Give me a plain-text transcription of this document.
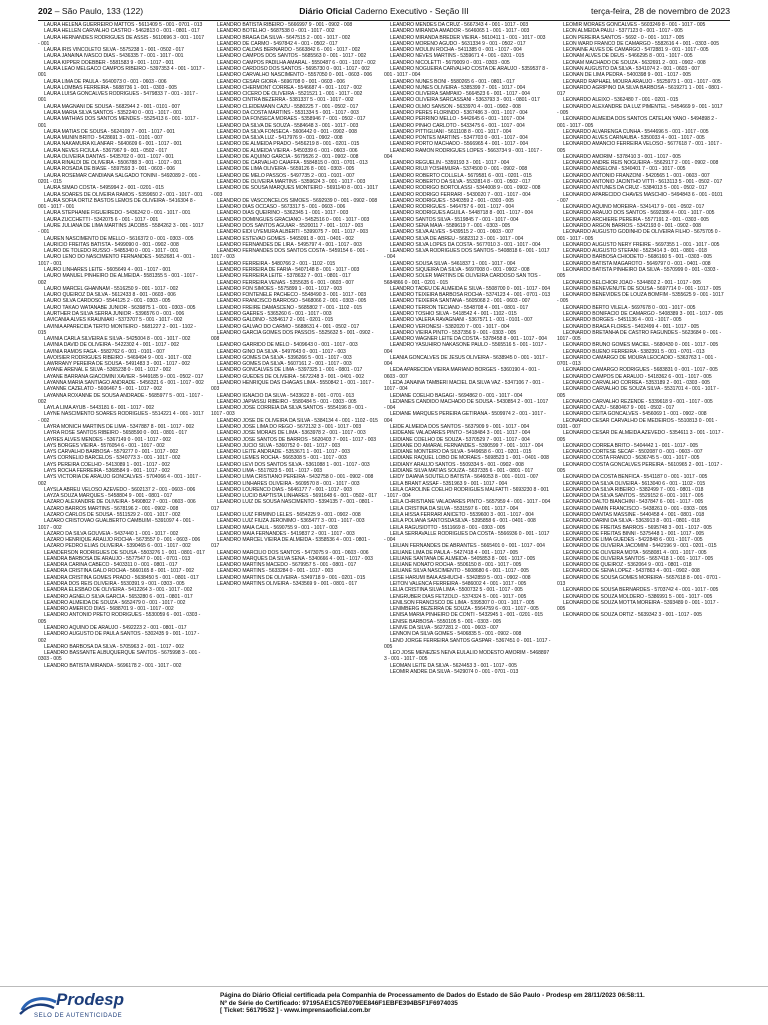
202 – São Paulo, 133 (122)	Diário Oficial Caderno Executivo - Seção III	terça-feira, 28 de novembro de 2023

LAURA HELENA GUERREIRO MATTOS - 5611409 5 - 001 - 0701 - 013

LAURA HELLEN CARVALHO CASTRO - 5462813 0 - 001 - 0801 - 017

LAURA HERNANDES RODRIGUES DE ASSIS - 5610696 3 - 001 - 1017 - 001

LAURA IRIS VINCOLETO SILVA - 5575238 1 - 001 - 0502 - 017

LAURA JANAINA IVASCO DIAS - 5436335 7 - 001 - 1017 - 001

LAURA KIPPER DOEBBER - 5581583 9 - 001 - 1017 - 001

LAURA LEAO MELGACO CAMPOS RIBEIRO - 5397353 4 - 001 - 1017 - 001

LAURA LIMA DE PAULA - 5640073 0 - 001 - 0603 - 006

LAURA LOMBAS FERREIRA - 5688736 1 - 001 - 0303 - 005

LAURA LUISA GONCALVES RODRIGUES - 5479833 7 - 001 - 1017 - 001

LAURA MAGNANI DE SOUSA - 5682944 2 - 001 - 0101 - 007

LAURA MARIA SILVA SANTOS - 5352240 0 - 001 - 1017 - 001

LAURA MATHIAS DOS SANTOS MENDES - 5525413 6 - 001 - 1017 - 001

LAURA MATIAS DE SOUSA - 5624109 7 - 001 - 1017 - 001

LAURA MUNIN BRITO - 5428691 3 - 001 - 0101 - 007

LAURA NAKAMURA KLANFAR - 5640609 6 - 001 - 1017 - 001

LAURA NEVES FICIULA - 5367967 9 - 001 - 0502 - 017

LAURA OLIVEIRA DANTAS - 5435702 0 - 001 - 1017 - 001

LAURA RINALDI DE OLIVEIRA - 5506788 3 - 001 - 1017 - 001

LAURA ROSADA DE BIASE - 5597593 3 - 001 - 0603 - 006

LAURA ROSEMAR CANDIANA SALGADO TONINI - 5492089 2 - 001 - 0201 - 015

LAURA SIMAO COSTA - 5495994 2 - 001 - 0201 - 015

LAURA SOARES DE OLIVEIRA RAMOS - 5359650 2 - 001 - 1017 - 001

LAURA SOFIA ORTIZ BASTOS LEMOS DE OLIVEIRA - 5416304 8 - 001 - 1017 - 001

LAURA STEPHANIE FIGUEIREDO - 5436242 0 - 001 - 1017 - 001

LAURA ZUCCHETTI - 5342075 6 - 001 - 1017 - 001

LAURE JULIANA DE LIMA MARTINS JACOBS - 5584262 3 - 001 - 1017 - 001

LAUREN NASCIMENTO DE MELLO - 5616372 0 - 001 - 0303 - 005

LAURICIO FREITAS BATISTA - 5499090 0 - 001 - 0902 - 008

LAURO DE TOLEDO RUSSO - 5485340 0 - 001 - 1017 - 001

LAURO LENO DO NASCIMENTO FERNANDES - 5652681 4 - 001 - 1017 - 001

LAURO LINHARES LEITE - 5605649 4 - 001 - 1017 - 001

LAURO MANUEL PINHEIRO DE ALMEIDA - 5581355 5 - 001 - 1017 - 002

LAURO MARCEL GHANNAM - 5516250 9 - 001 - 1017 - 002

LAURO QUEIROZ DA SILVA - 5612433 8 - 001 - 0603 - 006

LAURO SILVA CARDOSO - 5544125 2 - 001 - 0303 - 005

LAURO TAKAO WATANABE JUNIOR - 5639875 1 - 001 - 0303 - 005

LAURTHER DA SILVA SERRA JUNIOR - 5396576 0 - 001 - 006

LAVICANIA ALVES KRAUNIAKI - 5373707 5 - 001 - 1017 - 002

LAVINIA APARECIDA TERTO MONTEIRO - 5681227 2 - 001 - 1102 - 015

LAVINIA CARLA SILVEIRA E SILVA - 5425004 8 - 001 - 1017 - 002

LAVINIA DAVID DE OLIVEIRA - 5422302 4 - 001 - 1017 - 002

LAVINIA RAMOS FAGA - 5582762 6 - 001 - 0101 - 007

LAVOISIER RODRIGUES RIBEIRO - 5469494 9 - 001 - 1017 - 002

LAWRRANY PEREIRA DE SOUSA - 5491483 3 - 001 - 1017 - 002

LAYANE ARENAL E SILVA - 5365238 0 - 001 - 1017 - 002

LAYANE BARRANA GIACOMINI XAVIER - 5449185 9 - 001 - 0502 - 017

LAYANNA MARIA SANTIAGO ANDRADE - 5456321 6 - 001 - 1017 - 002

LAYANNE CAZELATO - 5606467 5 - 001 - 1017 - 002

LAYANNA ROXANNE DE SOUSA ANDRADE - 5685977 5 - 001 - 1017 - 002

LAYLA LIMA AYUB - 5443181 6 - 001 - 1017 - 002

LAYNE NASCIMENTO SOARES RODRIGUES - 5514221 4 - 001 - 1017 - 002

LAYRA MONICH MARTINS DE LIMA - 5347887 8 - 001 - 1017 - 002

LAYRA ROSE SANTOS RIBEIRO - 5658590 0 - 001 - 0801 - 017

LAYRES ALVES MENDES - 5367149 0 - 001 - 1017 - 002

LAYS BORGES VIEIRA - 5576054 6 - 001 - 1017 - 002

LAYS CARVALHO BARBOSA - 5579277 0 - 001 - 1017 - 002

LAYS CORNELIO BARCELOS - 5340773 3 - 001 - 1017 - 002

LAYS PEREIRA COELHO - 5413089 1 - 001 - 1017 - 002

LAYS ROCHA FERREIRA - 5368584 9 - 001 - 1017 - 002

LAYS VICTORIA DE ARAUJO GONCALVES - 5704066 4 - 001 - 1017 - 002

LAYSLA ABREU VELOSO AZEVEDO - 5602137 2 - 001 - 0603 - 006

LAYZA SOUZA MARQUES - 5458804 9 - 001 - 0801 - 017

LAZARO ALEXANDRE DE OLIVEIRA - 5490802 7 - 001 - 0603 - 006

LAZARO BARROS MARTINS - 5678196 2 - 001 - 0902 - 008

LAZARO CARLOS DE SOUSA - 5511529 2 - 001 - 1017 - 002

LAZARO CRISTOVAO GUALBERTO CAMBUIM - 5391097 4 - 001 - 1017 - 002

LAZARO DA SILVA GOUVEIA - 5437440 1 - 001 - 1017 - 002

LAZARO HENRIQUE ARAUJO ROCHA - 5673557 0 - 001 - 0603 - 006

LAZARO PEDRO ELIAS OLIVEIRA - 5390465 6 - 001 - 1017 - 002

LEANDERSON RODRIGUES DE SOUSA - 5503276 1 - 001 - 0801 - 017

LEANDRA BARBOSA DE ARAUJO - 5577547 0 - 001 - 0701 - 013

LEANDRA CARINA CABECO - 5403311 0 - 001 - 0801 - 017

LEANDRA CRISTINA GALO ROCHA - 5660165 8 - 001 - 1017 - 002

LEANDRA CRISTINA GOMES PRADO - 5638450 5 - 001 - 0801 - 017

LEANDRA DOS REIS OLIVEIRA - 5530391 9 - 001 - 0303 - 005

LEANDRA ELESBAO DE OLIVEIRA - 5412264 3 - 001 - 1017 - 002

LEANDRO AGNELO SILVA GARCIA - 5653280 6 - 001 - 0801 - 017

LEANDRO ALMEIDA DE SOUZA - 5652479 0 - 001 - 1017 - 002

LEANDRO AMERICO DIAS - 5688701 9 - 001 - 1017 - 002

LEANDRO ANTONIO PRETO RODRIGUES - 5530059 6 - 001 - 0303 - 005

LEANDRO AQUINO DE ARAUJO - 5492223 2 - 001 - 0801 - 017

LEANDRO AUGUSTO DE PAULA SANTOS - 5302435 9 - 001 - 1017 - 002

LEANDRO BARBOSA DA SILVA - 5705963 2 - 001 - 1017 - 002

LEANDRO BASSANTE ALBUQUERQUE SANTOS - 5675998 3 - 001 - 0303 - 005

LEANDRO BATISTA MIRANDA - 5696178 2 - 001 - 1017 - 002

LEANDRO BATISTA RIBEIRO - 5666997 9 - 001 - 0902 - 008

LEANDRO BOTELHO - 5687538 0 - 001 - 1017 - 002

LEANDRO BRAGA DA SILVA - 5647515 2 - 001 - 1017 - 002

LEANDRO DE CARMO - 5497842 4 - 001 - 0502 - 017

LEANDRO CALDAS BERNARDO - 5663842 6 - 001 - 1017 - 002

LEANDRO CAMPOS DOS SANTOS - 5685563 0 - 001 - 1017 - 002

LEANDRO CAMPOS PADILHA AMARAL - 5550487 6 - 001 - 1017 - 002

LEANDRO CARDOSO DOS SANTOS - 5695730 0 - 001 - 1017 - 002

LEANDRO CARVALHO NASCIMENTO - 5557050 0 - 001 - 0603 - 006

LEANDRO CESAR GIORA - 5696708 0 - 001 - 0603 - 006

LEANDRO CHERMONT CORREA - 5546687 4 - 001 - 1017 - 002

LEANDRO CICERO DE OLIVEIRA - 5521521 1 - 001 - 1017 - 002

LEANDRO CINTRA BEZERRA - 5381337 5 - 001 - 1017 - 002

LEANDRO CLEIDEMANN CAZU - 5580225 7 - 001 - 0502 - 017

LEANDRO DA COSTA MARTINS - 5531334 5 - 001 - 1017 - 003

LEANDRO DA FONSECA MORAES - 5358946 7 - 001 - 0502 - 017

LEANDRO DA SILVA DE SOUZA - 5584648 3 - 001 - 1017 - 003

LEANDRO DA SILVA FONSECA - 5606442 0 - 001 - 0902 - 008

LEANDRO DA SILVA LUZ - 5417976 9 - 001 - 0902 - 008

LEANDRO DE ALMEIDA PRADO - 5456219 8 - 001 - 0201 - 015

LEANDRO DE ALMEIDA VIEIRA - 5450339 6 - 001 - 0603 - 006

LEANDRO DE AQUINO GARCIA - 5679526 2 - 001 - 0902 - 008

LEANDRO DE CARVALHO CAIAFFA - 5584815 0 - 001 - 0701 - 013

LEANDRO DE LIMA OLIVEIRA - 5659126 8 - 001 - 0303 - 005

LEANDRO DE MELO PASSOS - 5497735 2 - 001 - 0101 - 007

LEANDRO DE OLIVEIRA MARTINS - 5359624 3 - 001 - 1017 - 003

LEANDRO DE SOUSA MARQUES MONTEIRO - 5691140 8 - 001 - 1017 - 003

LEANDRO DE VASCONCELOS SIMOES - 5692939 0 - 001 - 0902 - 008

LEANDRO DIAS OCCASO - 5673317 5 - 001 - 0603 - 006

LEANDRO DIAS QUEIRINO - 5362345 1 - 001 - 1017 - 003

LEANDRO DOMINGUES GRACIANO - 5452516 0 - 001 - 1017 - 003

LEANDRO DOS SANTOS AGUIAR - 5520011 7 - 001 - 1017 - 003

LEANDRO EIDI UYEMURA ALBERTI - 5399075 7 - 001 - 1017 - 003

LEANDRO ESTEVAO GOMES - 5465091 8 - 001 - 0401 - 002

LEANDRO FERNANDES DE LIRA - 5495797 4 - 001 - 1017 - 003

LEANDRO FERNANDES DOS SANTOS COSTA - 5459154 6 - 001 - 1017 - 003

LEANDRO FERREIRA - 5480766 2 - 001 - 1102 - 015

LEANDRO FERREIRA DE FARIA - 5407148 8 - 001 - 1017 - 003

LEANDRO FERREIRA LEITE - 5378632 7 - 001 - 0801 - 017

LEANDRO FERREIRA VENAS - 5355635 6 - 001 - 0603 - 007

LEANDRO FON SIMOES - 5575899 1 - 001 - 1017 - 003

LEANDRO FONTENELE PACHECO - 5548490 3 - 001 - 1017 - 003

LEANDRO FRANCISCO BARROSO - 5468066 2 - 001 - 0303 - 005

LEANDRO FREIRE DAMASCENO - 5685802 7 - 001 - 1102 - 015

LEANDRO GAERES - 5365260 6 - 001 - 1017 - 003

LEANDRO GALDINO - 5354617 2 - 001 - 0201 - 015

LEANDRO GALVAO DO CARMO - 5688631 4 - 001 - 0502 - 017

LEANDRO GARCIA GOMES DOS PASSOS - 5525632 5 - 001 - 0902 - 008

LEANDRO GARRIDO DE MELO - 5409643 0 - 001 - 1017 - 003

LEANDRO GINO DA SILVA - 5497643 0 - 001 - 1017 - 003

LEANDRO GOMES DA SILVA - 5396266 5 - 001 - 1017 - 003

LEANDRO GOMES DA SILVA - 5607161 2 - 001 - 1017 - 003

LEANDRO GONCALVES DE LIMA - 5397325 1 - 001 - 0801 - 017

LEANDRO GUEDES DE OLIVEIRA - 5672248 3 - 001 - 0401 - 002

LEANDRO HENRIQUE DAS CHAGAS LIMA - 5550842 1 - 001 - 1017 - 003

LEANDRO IGNACIO DA SILVA - 5433622 8 - 001 - 0701 - 013

LEANDRO JAPIASSU RIBEIRO - 5580484 5 - 001 - 0303 - 005

LEANDRO JOSE CORREIA DA SILVA SANTOS - 5554196 8 - 001 - 1017 - 003

LEANDRO JOSE DE OLIVEIRA DA SILVA - 5384134 4 - 001 - 1102 - 015

LEANDRO JOSE LIMA DO REGO - 5672132 3 - 001 - 1017 - 003

LEANDRO JOSE MORAIS DE LIMA - 5363978 2 - 001 - 1017 - 003

LEANDRO JOSE SANTOS DE BARROS - 5620403 7 - 001 - 1017 - 003

LEANDRO JUCIO SILVA - 5360752 0 - 001 - 1017 - 003

LEANDRO LEITE ANDRADE - 5353671 1 - 001 - 1017 - 003

LEANDRO LEMES ROCHA - 5665308 5 - 001 - 1017 - 003

LEANDRO LEVI DOS SANTOS SILVA - 5361088 1 - 001 - 1017 - 003

LEANDRO LIMA - 5517823 5 - 001 - 1017 - 003

LEANDRO LIMA CRISTIANO PEREIRA - 5432758 0 - 001 - 0902 - 008

LEANDRO LINHARES OLIVEIRA - 5609570 8 - 001 - 1017 - 003

LEANDRO LOURENCO DIAS - 5646177 7 - 001 - 1017 - 003

LEANDRO LUCIO BAPTISTA LINHARES - 5691648 6 - 001 - 0502 - 017

LEANDRO LUIZ DE SOUSA NASCIMENTO - 5394135 7 - 001 - 0801 - 017

LEANDRO LUIZ FIRMINO LELES - 5654225 9 - 001 - 0902 - 008

LEANDRO LUIZ FIUZA JERONIMO - 5365477 3 - 001 - 1017 - 003

LEANDRO MAIA CALIL - 5690755 9 - 001 - 1017 - 003

LEANDRO MAIA FERNANDES - 5419837 2 - 001 - 1017 - 003

LEANDRO MARCEL VIEIRA DE ALMEIDA - 5358536 4 - 001 - 0801 - 017

LEANDRO MARCILIO DOS SANTOS - 5473075 9 - 001 - 0603 - 006

LEANDRO MARQUES DA SILVA SENA - 5340666 4 - 001 - 1017 - 003

LEANDRO MARTINS MACEDO - 5679957 5 - 001 - 0801 - 017

LEANDRO MARTINS - 5633284 0 - 001 - 1017 - 003

LEANDRO MARTINS DE OLIVEIRA - 5349718 9 - 001 - 0201 - 015

LEANDRO MARTINS OLIVEIRA - 5343569 9 - 001 - 0801 - 017

LEANDRO MENDES DA CRUZ - 5667343 4 - 001 - 1017 - 003

LEANDRO MIRANDA AMADOR - 5646065 1 - 001 - 1017 - 003

LEANDRO MIRANDA BREDER VIEIRA - 5610411 1 - 001 - 1017 - 003

LEANDRO MORENO AGUDO - 5631334 9 - 001 - 0502 - 017

LEANDRO MOULIN ROCHA - 5411385 0 - 001 - 1017 - 004

LEANDRO NEVES MARTINS - 5359671 4 - 001 - 0201 - 015

LEANDRO NICOLETTI - 5679009 0 - 001 - 0303 - 005

LEANDRO NOGUEIRA CARVALHO COSTA DE ARAUJO - 5359537 8 - 001 - 1017 - 004

LEANDRO NUNES BONI - 5580265 6 - 001 - 0801 - 017

LEANDRO NUNES OLIVEIRA - 5385399 7 - 001 - 1017 - 004

LEANDRO OLIVEIRA SAMPAIO - 5664523 6 - 001 - 1017 - 004

LEANDRO OLIVEIRA SARCASSANI - 5363793 3 - 001 - 0801 - 017

LEANDRO OLMO SANSON - 5633970 4 - 001 - 0902 - 008

LEANDRO PERES FLORINDO - 5367486 3 - 001 - 1017 - 004

LEANDRO PERRINO MELLO - 5442645 6 - 001 - 1017 - 004

LEANDRO PINHO CARLOTO - 5433475 6 - 001 - 1017 - 004

LEANDRO PITTIGLIANI - 5611108 8 - 001 - 1017 - 004

LEANDRO PONTES MARTINS - 5347703 0 - 001 - 1017 - 004

LEANDRO PORTO MACHADO - 5566965 4 - 001 - 1017 - 004

LEANDRO RAMON RODRIGUES LOPES - 5663734 9 - 001 - 1017 - 004

LEANDRO REGUELIN - 5359193 3 - 001 - 1017 - 004

LEANDRO RIUJI YOSHIMURA - 5374500 0 - 001 - 0902 - 008

LEANDRO ROBERTO COLLELA - 5679581 6 - 001 - 0201 - 015

LEANDRO ROBERTO DA SILVA - 5532814 8 - 001 - 0502 - 017

LEANDRO RODRIGO BORTOLASSI - 5344008 9 - 001 - 0902 - 008

LEANDRO RODRIGO FERRARI - 5430020 7 - 001 - 1017 - 004

LEANDRO RODRIGUES - 5340359 2 - 001 - 0303 - 005

LEANDRO RODRIGUES - 5464757 6 - 001 - 1017 - 004

LEANDRO RODRIGUES AGUILA - 5448718 8 - 001 - 1017 - 004

LEANDRO SANTOS SILVA - 5519845 7 - 001 - 1017 - 004

LEANDRO SENA MAIA - 5589619 7 - 001 - 0303 - 005

LEANDRO SILVA ALVES - 5439515 2 - 001 - 0603 - 007

LEANDRO SILVA DE ABREU - 5682312 3 - 001 - 1017 - 004

LEANDRO SILVA LOPES DA COSTA - 5677010 3 - 001 - 1017 - 004

LEANDRO SILVA RODRIGUES DOS SANTOS - 5408818 6 - 001 - 1017 - 004

LEANDRO SOUSA SILVA - 5461837 1 - 001 - 1017 - 004

LEANDRO SIQUEIRA DA SILVA - 5697008 0 - 001 - 0902 - 008

LEANDRO SOLER MARTINS DE OLIVEIRA CARDOSO SAN TOS - 5684866 0 - 001 - 0201 - 015

LEANDRO TADEU DE ALMEIDA E SILVA - 5508700 0 - 001 - 1017 - 004

LEANDRO TEIXEIRA BARBOSA ROCHA - 5374123 4 - 001 - 0701 - 013

LEANDRO TEIXEIRA SANTANA - 5605068 2 - 001 - 0603 - 007

LEANDRO TERRON TECIANO - 5548708 4 - 001 - 0801 - 017

LEANDRO TOSHIO SILVA - 5418542 4 - 001 - 1102 - 015

LEANDRO VALERA RAVAGNANI - 5367571 1 - 001 - 0101 - 007

LEANDRO VERONESI - 5382020 7 - 001 - 1017 - 004

LEANDRO VIEIRA PINTO - 5537356 9 - 001 - 0303 - 005

LEANDRO WAGNER LEITE DA COSTA - 5378458 8 - 001 - 1017 - 004

LEANDRO YASUHIRO NAKASONE PAULO - 5565516 5 - 001 - 1017 - 004

LEANIA GONCALVES DE JESUS OLIVEIRA - 5638945 0 - 001 - 1017 - 004

LEDA APARECIDA VIEIRA MARIANO BORGES - 5360190 4 - 001 - 0603 - 007

LEDA JANAINA TAMBERI MACIEL DA SILVA VAZ - 5347106 7 - 001 - 1017 - 004

LEDIANE COELHO BAGAGI - 5694862 0 - 001 - 1017 - 004

LEDIANES CANDIDO MACHADO DE SOUSA - 5430854 2 - 001 - 1017 - 004

LEDIANE MARQUES PEREIRA GETIRANA - 5509974 2 - 001 - 1017 - 004

LEIDE ALMEIDA DOS SANTOS - 5637909 9 - 001 - 1017 - 004

LEIDEANE VALADARES PINTO - 5418484 3 - 001 - 1017 - 004

LEIDIANE COELHO DE SOUZA - 5370529 7 - 001 - 1017 - 004

LEIDIANE DO AMARAL FERNANDES - 5390599 7 - 001 - 1017 - 004

LEIDIANE MONTEIRO DA SILVA - 5449658 6 - 001 - 0201 - 015

LEIDIANE RAQUEL LOBO DE MORAES - 5698523 1 - 001 - 0401 - 008

LEIDIANY ARAUJO SANTOS - 5509334 5 - 001 - 0902 - 008

LEIDIANE SILVA MATIAS SOUZA - 5637335 6 - 001 - 0801 - 017

LEIDY DAIANA SOUTELO BATISTA - 5646053 8 - 001 - 0101 - 007

LEILA BRANT ASSAF - 5351963 9 - 001 - 1017 - 004

LEILA CAROLINE COELHO RODRIGUES MALFATTI - 5693230 8 - 001 - 1017 - 004

LEILA CHRISTIANE VALADARES PINTO - 5657959 4 - 001 - 1017 - 004

LEILA CRISTINA DA SILVA - 5531597 6 - 001 - 1017 - 004

LEILA HISSA FERRARI ANICETO - 5539600 3 - 001 - 1017 - 004

LEILA POLIANA SANTOSDASILVA - 5395858 6 - 001 - 0401 - 008

LEILA RAGUSIOTTO - 5511669 8 - 001 - 0303 - 005

LEILA SERRAVALLE RODRIGUES DA COSTA - 5566936 0 - 001 - 1017 - 004

LEILIAN FERNANDES DE ABRANTES - 5665401 0 - 001 - 1017 - 004

LEILIANE LIMA DE PAULA - 5427418 4 - 001 - 1017 - 005

LEILIANE SANTANA DE ALMEIDA - 5405853 8 - 001 - 1017 - 005

LEILIANE NONATO ROCHA - 5506150 8 - 001 - 1017 - 005

LEILIANE SILVA NASCIMENTO - 5608680 6 - 001 - 1017 - 005

LEISE HARUMI BAIA ASHIUCHI - 5342859 5 - 001 - 0902 - 008

LEITON VALENCA FERREIRA - 5486002 4 - 001 - 1017 - 005

LELIA CRISTINA SILVA LIMA - 5500732 5 - 001 - 1017 - 005

LENGRUBER DIAS FETZOLD - 5374324 5 - 001 - 1017 - 005

LENILSON FRANCISCO DE LIMA - 5395307 0 - 001 - 1017 - 005

LENIMBERG BEZERRA DE SOUZA - 5564759 6 - 001 - 1017 - 005

LENISA MARIA PINHEIRO DE CONTI - 5432945 1 - 001 - 0201 - 015

LENISE BARBOSA - 5550105 5 - 001 - 0303 - 005

LENIVE DA SILVA - 5627281 2 - 001 - 0603 - 007

LENNON DA SILVA GOMES - 5406835 5 - 001 - 0902 - 008

LENO JORGE FERREIRA SANTOS GASPAR - 5367451 0 - 001 - 1017 - 005

LEO JOSE MENEZES NEIVA EULALIO MODESTO AMORIM - 5468897 3 - 001 - 1017 - 005

LEOMAN LEITE DA SILVA - 5624453 3 - 001 - 1017 - 005

LEOMIR ANDRE DA SILVA - 5429074 0 - 001 - 0701 - 013

LEOMIR MORAES GONCALVES - 5603249 8 - 001 - 1017 - 005

LEON ALMEIDA PAULI - 5377123 0 - 001 - 1017 - 005

LEON PEREIRA SANTOS - 5692 - 0 - 001 - 1017 - 005

LEON WARD FRANCO DE CAMARGO - 5582616 4 - 001 - 0303 - 005

LEONAINE ALVES DE CAMARGO - 5472881 9 - 001 - 1017 - 005

LEONAM ALVES DE DEUS - 5466295 8 - 001 - 1017 - 005

LEONAM MACHADO DE SOUZA - 5632691 2 - 001 - 0902 - 008

LEONAN AUGUSTO DA SILVA - 5341074 2 - 001 - 0603 - 007

LEONAN DE LIMA PEDRA - 5400398 9 - 001 - 1017 - 005

LEONARD RAPHAEL MOURA ARAUJO - 5525973 1 - 001 - 1017 - 005

LEONARDO AGRIPINO DA SILVA BARBOSA - 5619271 1 - 001 - 0801 - 017

LEONARDO ALEIXO - 5362480 7 - 001 - 0201 - 015

LEONARDO ALEXANDRE DA LUZ PIMENTEL - 5454669 9 - 001 - 1017 - 005

LEONARDO ALMEIDA DOS SANTOS CATELAN YANO - 5494898 2 - 001 - 1017 - 005

LEONARDO ALVARENGA CUNHA - 5544696 5 - 001 - 1017 - 005

LEONARDO ALVES CARNAUBA - 5350033 4 - 001 - 1017 - 005

LEONARDO AMANCIO FERREIRA VELOSO - 5677618 7 - 001 - 1017 - 005

LEONARDO AMORIM - 5378410 3 - 001 - 1017 - 005

LEONARDO ANDRE REIS NOGUEIRA - 5562917 2 - 001 - 0902 - 008

LEONARDO ANSELONI - 5340401 7 - 001 - 1017 - 005

LEONARDO ANTONIO FRANZONI - 5420565 1 - 001 - 0603 - 007

LEONARDO ANTONIO JACINTHO VITTI - 5613113 5 - 001 - 0502 - 017

LEONARDO ANTUNES DA CRUZ - 5384013 5 - 001 - 0502 - 017

LEONARDO APARECIDO CHAVES MASCHIO - 5494843 6 - 001 - 0101 - 007

LEONARDO AQUINO MOREIRA - 5341417 9 - 001 - 0502 - 017

LEONARDO ARAUJO DOS SANTOS - 5692386 4 - 001 - 1017 - 005

LEONARDO ARCHIERE PEREIRA - 5577191 2 - 001 - 0303 - 005

LEONARDO ARGON BARROS - 5342193 0 - 001 - 0902 - 008

LEONARDO AUGUSTO GODINHO DE OLIVEIRA FILHO - 5675705 0 - 001 - 1017 - 005

LEONARDO AUGUSTO NERY FREIRE - 5697355 1 - 001 - 1017 - 005

LEONARDO AUGUSTO STEFANI - 5523414 3 - 001 - 0801 - 018

LEONARDO BARBOSA CHIODETO - 5686160 5 - 001 - 0303 - 005

LEONARDO BATISTA MAGAROTO - 5649797 0 - 001 - 0401 - 008

LEONARDO BATISTA PINHEIRO DA SILVA - 5570999 0 - 001 - 0303 - 005

LEONARDO BELCHIOR JOAO - 5344802 2 - 001 - 1017 - 005

LEONARDO BENEVENUTE DE SOUSA - 5697714 0 - 001 - 1017 - 005

LEONARDO BENEVIDES DE LOUZA BOMFIM - 5355625 9 - 001 - 1017 - 005

LEONARDO BERTO VILELA - 5697678 0 - 001 - 1017 - 005

LEONARDO BONIFACIO DE CAMARGO - 5408389 3 - 001 - 1017 - 005

LEONARDO BORGES - 5451136 4 - 001 - 1017 - 005

LEONARDO BRAGA FLORES - 5402499 4 - 001 - 1017 - 005

LEONARDO BRETANHA DE CASTRO FAGUNDES - 5623684 0 - 001 - 1017 - 005

LEONARDO BRUNO GOMES MACIEL - 5680430 0 - 001 - 1017 - 005

LEONARDO BUENO FERREIRA - 5382391 5 - 001 - 0701 - 013

LEONARDO CAMARGO DE MOURA LEOCADIO - 5363763 1 - 001 - 0701 - 013

LEONARDO CAMARGO RODRIGUES - 5683831 0 - 001 - 1017 - 005

LEONARDO CAMPOS DE ARAUJO - 5418362 6 - 001 - 1017 - 005

LEONARDO CARVALHO CORREA - 5353189 2 - 001 - 0303 - 005

LEONARDO CARVALHO DE SOUZA SILVA - 5531701 4 - 001 - 1017 - 005

LEONARDO CARVALHO REZENDE - 5339618 9 - 001 - 1017 - 005

LEONARDO CAZU - 5680467 9 - 001 - 0502 - 017

LEONARDO CEITA GONCALVES - 5456069 1 - 001 - 0902 - 008

LEONARDO CESAR CARVALHO DE MEDEIROS - 5510813 0 - 001 - 0101 - 007

LEONARDO CESAR DE ALMEIDA AZEVEDO - 5354611 3 - 001 - 1017 - 005

LEONARDO CORREA BRITO - 5404442 1 - 001 - 1017 - 005

LEONARDO CORTESE SECAF - 5502087 0 - 001 - 0603 - 007

LEONARDO COSTA FRANCO - 5636745 5 - 001 - 1017 - 005

LEONARDO COSTA GONCALVES PEREIRA - 5610965 2 - 001 - 1017 - 005

LEONARDO DA COSTA BENFICA - 5541187 0 - 001 - 1017 - 005

LEONARDO DA SILVA OLIVEIRA - 5613040 6 - 001 - 1102 - 015

LEONARDO DA SILVA RIBEIRO - 5382499 7 - 001 - 0801 - 018

LEONARDO DA SILVA SANTOS - 5529152 6 - 001 - 1017 - 005

LEONARDO DALTO BIANCHINI - 5437847 6 - 001 - 1017 - 005

LEONARDO DAMIN FRANCISCO - 5438261 0 - 001 - 0303 - 005

LEONARDO DANTAS MASSINE - 5440458 4 - 001 - 0801 - 018

LEONARDO DARINI DA SILVA - 5363913 8 - 001 - 0801 - 018

LEONARDO DE FREITAS BARROS - 5695748 3 - 001 - 1017 - 005

LEONARDO DE FREITAS BINNI - 5375448 1 - 001 - 1017 - 005

LEONARDO DE LIMA GUEDES - 5422848 6 - 001 - 1017 - 005

LEONARDO DE OLIVEIRA JACOMINI - 5442196 9 - 001 - 0201 - 015

LEONARDO DE OLIVEIRA MOTA - 5658081 4 - 001 - 1017 - 005

LEONARDO DE OLIVEIRA SANTOS - 5657418 1 - 001 - 1017 - 005

LEONARDO DE QUEIROZ - 5362064 9 - 001 - 0801 - 018

LEONARDO DE SENA LOPEZ - 5437863 4 - 001 - 0902 - 008

LEONARDO DE SOUSA GOMES MOREIRA - 5657618 8 - 001 - 0701 - 013

LEONARDO DE SOUSA BERNARDES - 5703742 4 - 001 - 1017 - 005

LEONARDO DE SOUZA MOLDERO - 5386991 5 - 001 - 1017 - 005

LEONARDO DE SOUZA MOTTA MOREIRA - 5393489 0 - 001 - 1017 - 005

LEONARDO DE SOUZA ORTIZ - 5639342 3 - 001 - 1017 - 005

Prodesp
SELO DE AUTENTICIDADE
Página do Diário Oficial certificada pela Companhia de Processamento de Dados do Estado de São Paulo - Prodesp em 28/11/2023 06:58:11.
Nº de Série do Certificado: 97195AE1C57E079EE846F1EBFE394B5F1F6974035
[ Ticket: 56179532 ] - www.imprensaoficial.com.br
